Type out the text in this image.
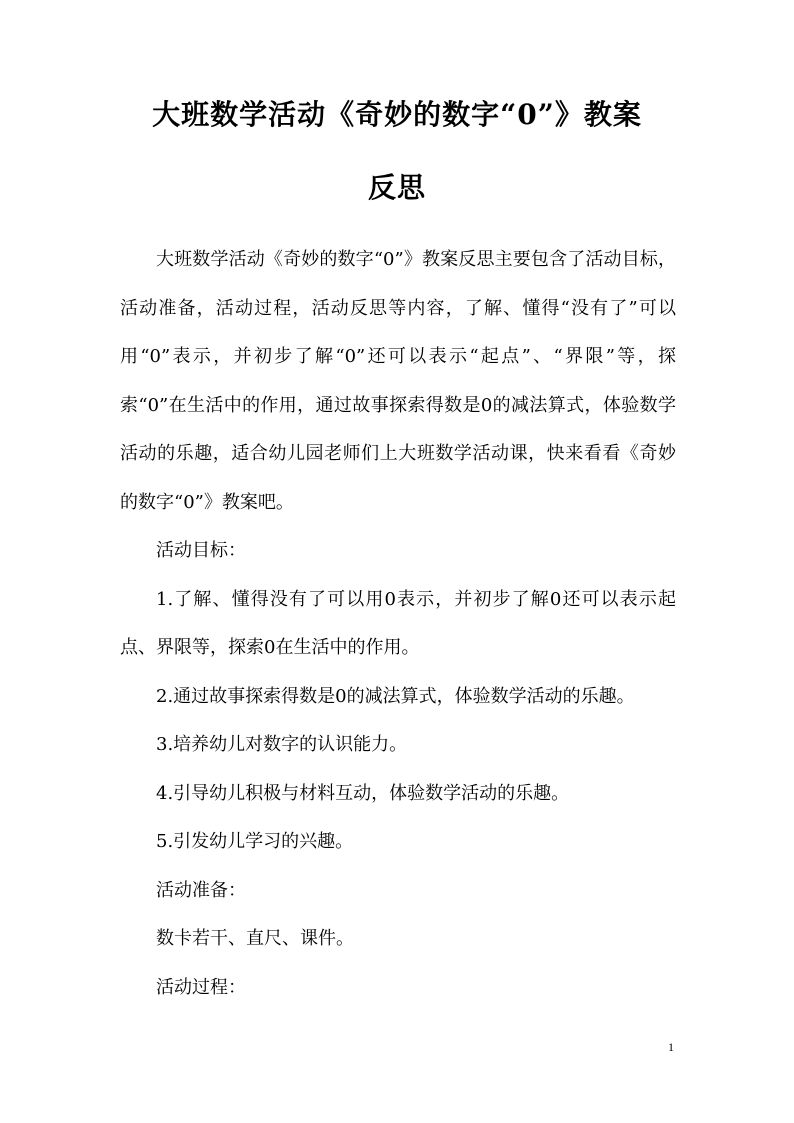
大班数学活动《奇妙的数字“0”》教案
反思

大班数学活动《奇妙的数字“0”》教案反思主要包含了活动目标，活动准备，活动过程，活动反思等内容，了解、懂得“没有了”可以用“0”表示，并初步了解“0”还可以表示“起点”、“界限”等，探索“0”在生活中的作用，通过故事探索得数是0的减法算式，体验数学活动的乐趣，适合幼儿园老师们上大班数学活动课，快来看看《奇妙的数字“0”》教案吧。

活动目标：

1.了解、懂得没有了可以用0表示，并初步了解0还可以表示起点、界限等，探索0在生活中的作用。

2.通过故事探索得数是0的减法算式，体验数学活动的乐趣。

3.培养幼儿对数字的认识能力。

4.引导幼儿积极与材料互动，体验数学活动的乐趣。

5.引发幼儿学习的兴趣。

活动准备：

数卡若干、直尺、课件。

活动过程：

1
